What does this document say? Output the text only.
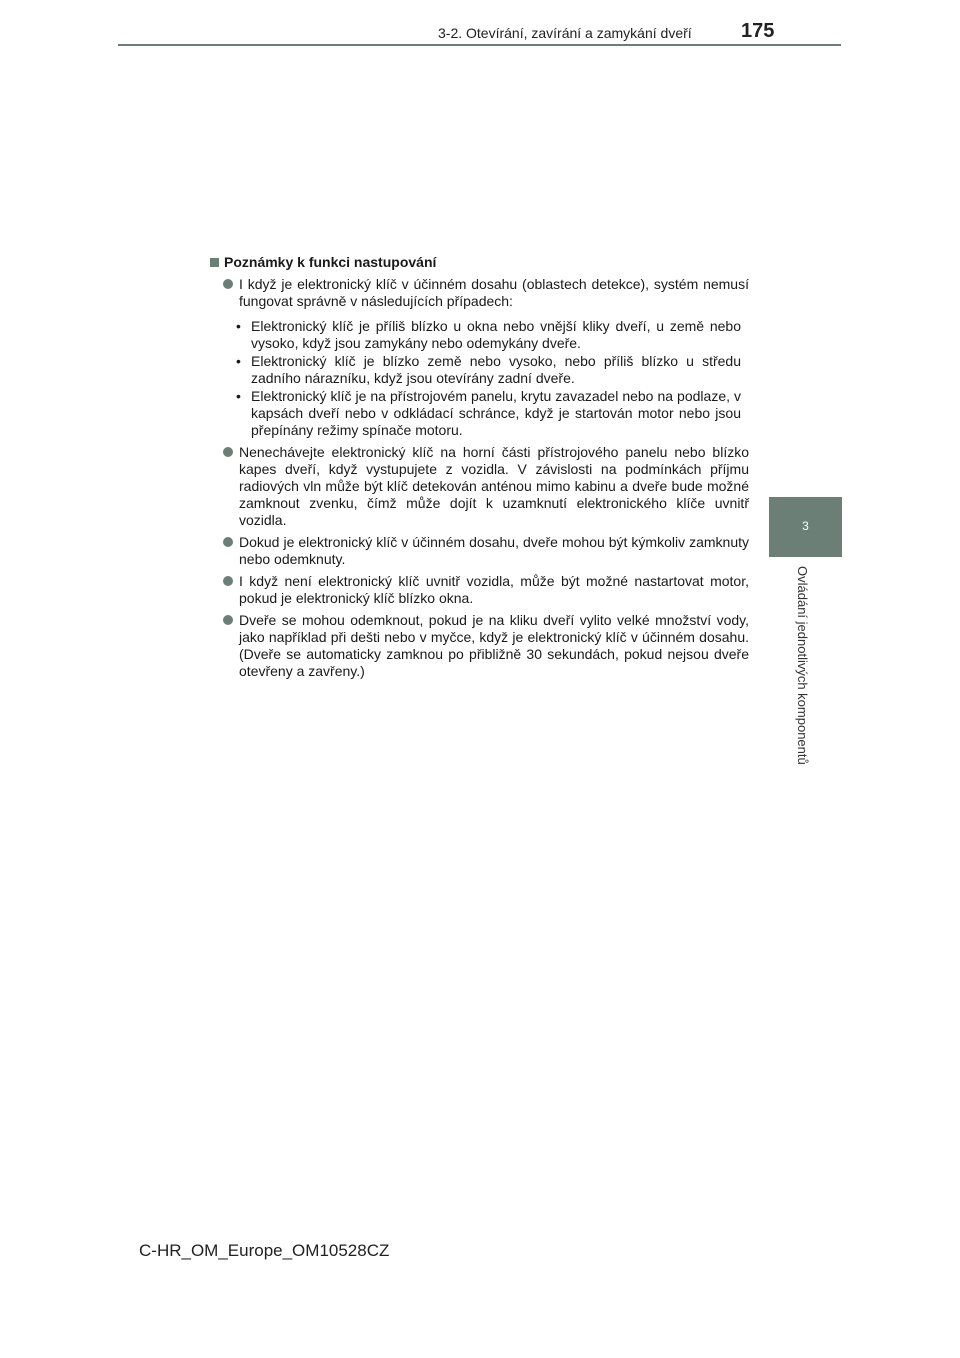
3-2. Otevírání, zavírání a zamykání dveří 175
3
Ovládání jednotlivých komponentů
Poznámky k funkci nastupování
I když je elektronický klíč v účinném dosahu (oblastech detekce), systém nemusí fungovat správně v následujících případech:
• Elektronický klíč je příliš blízko u okna nebo vnější kliky dveří, u země nebo vysoko, když jsou zamykány nebo odemykány dveře.
• Elektronický klíč je blízko země nebo vysoko, nebo příliš blízko u středu zadního nárazníku, když jsou otevírány zadní dveře.
• Elektronický klíč je na přístrojovém panelu, krytu zavazadel nebo na podlaze, v kapsách dveří nebo v odkládací schránce, když je startován motor nebo jsou přepínány režimy spínače motoru.
Nenechávejte elektronický klíč na horní části přístrojového panelu nebo blízko kapes dveří, když vystupujete z vozidla. V závislosti na podmínkách příjmu radiových vln může být klíč detekován anténou mimo kabinu a dveře bude možné zamknout zvenku, čímž může dojít k uzamknutí elektronického klíče uvnitř vozidla.
Dokud je elektronický klíč v účinném dosahu, dveře mohou být kýmkoliv zamknuty nebo odemknuty.
I když není elektronický klíč uvnitř vozidla, může být možné nastartovat motor, pokud je elektronický klíč blízko okna.
Dveře se mohou odemknout, pokud je na kliku dveří vylito velké množství vody, jako například při dešti nebo v myčce, když je elektronický klíč v účinném dosahu. (Dveře se automaticky zamknou po přibližně 30 sekundách, pokud nejsou dveře otevřeny a zavřeny.)
C-HR_OM_Europe_OM10528CZ
